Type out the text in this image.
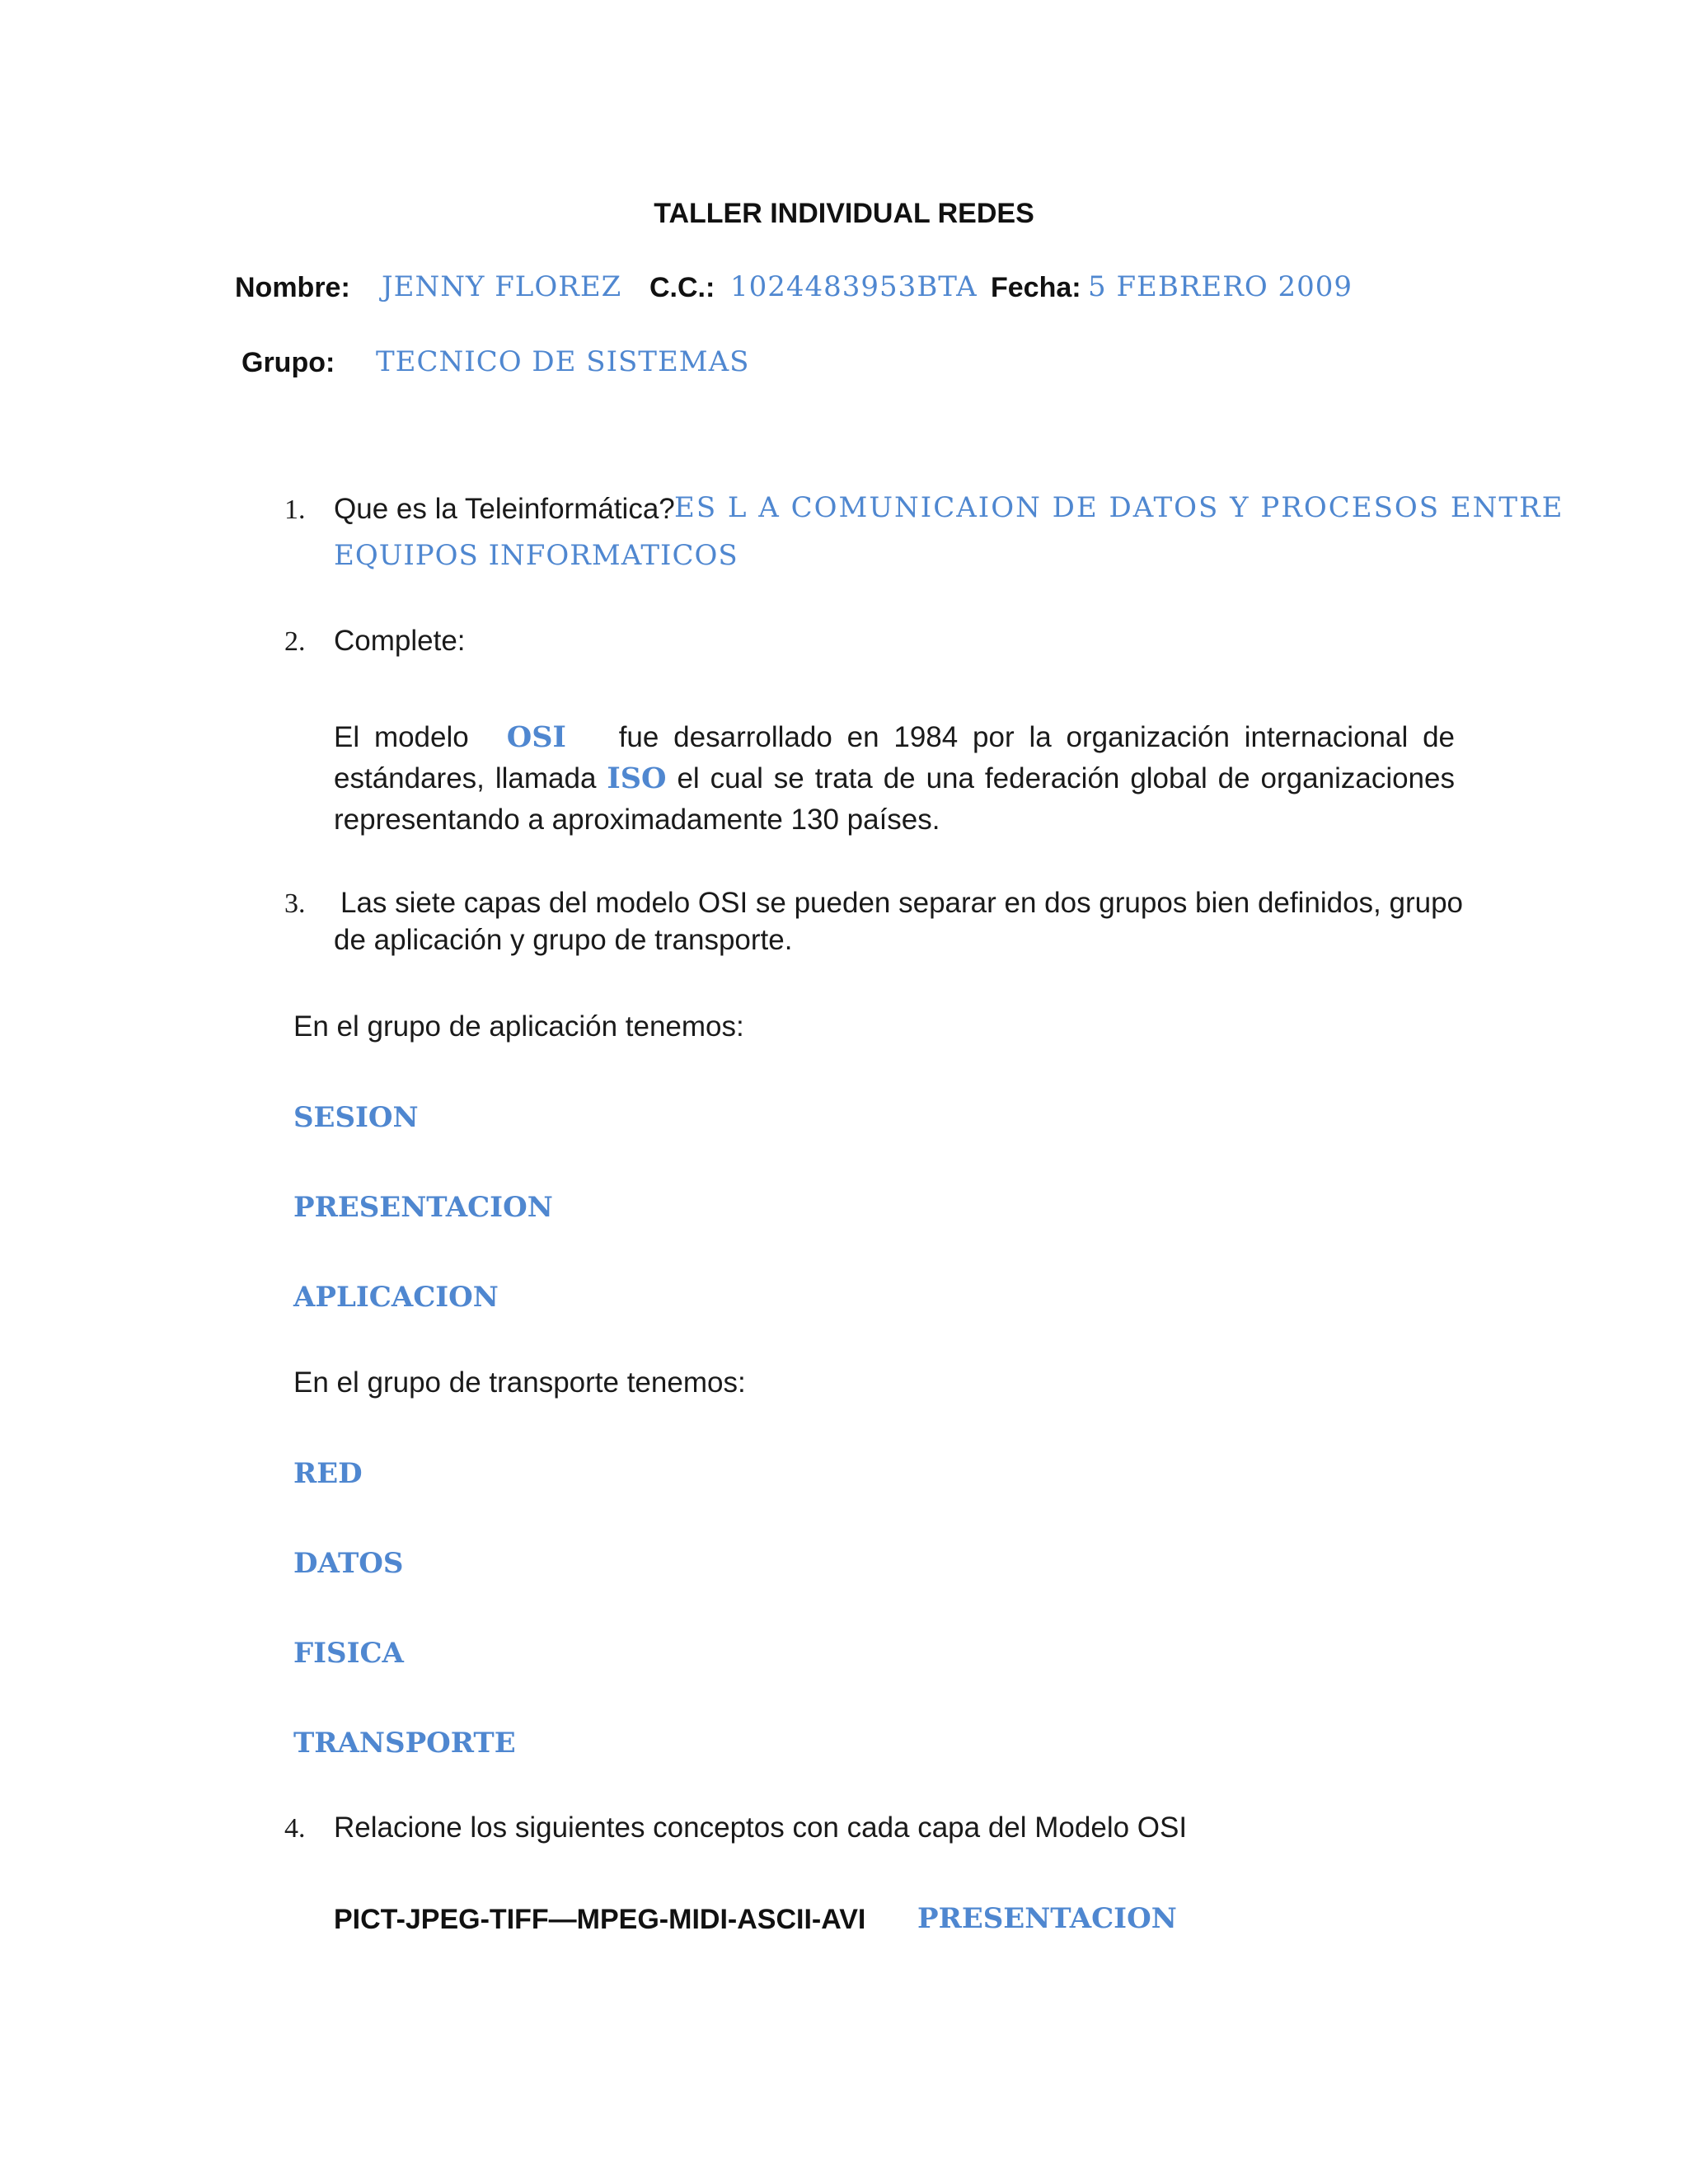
TALLER INDIVIDUAL REDES
Nombre: JENNY FLOREZ C.C.: 1024483953BTA Fecha: 5 FEBRERO 2009
Grupo: TECNICO DE SISTEMAS
1. Que es la Teleinformática? ES L A COMUNICAION DE DATOS Y PROCESOS ENTRE
EQUIPOS INFORMATICOS
2. Complete:
El modelo OSI fue desarrollado en 1984 por la organización internacional de estándares, llamada ISO el cual se trata de una federación global de organizaciones representando a aproximadamente 130 países.
3. Las siete capas del modelo OSI se pueden separar en dos grupos bien definidos, grupo
de aplicación y grupo de transporte.
En el grupo de aplicación tenemos:
SESION
PRESENTACION
APLICACION
En el grupo de transporte tenemos:
RED
DATOS
FISICA
TRANSPORTE
4. Relacione los siguientes conceptos con cada capa del Modelo OSI
PICT-JPEG-TIFF—MPEG-MIDI-ASCII-AVI PRESENTACION
